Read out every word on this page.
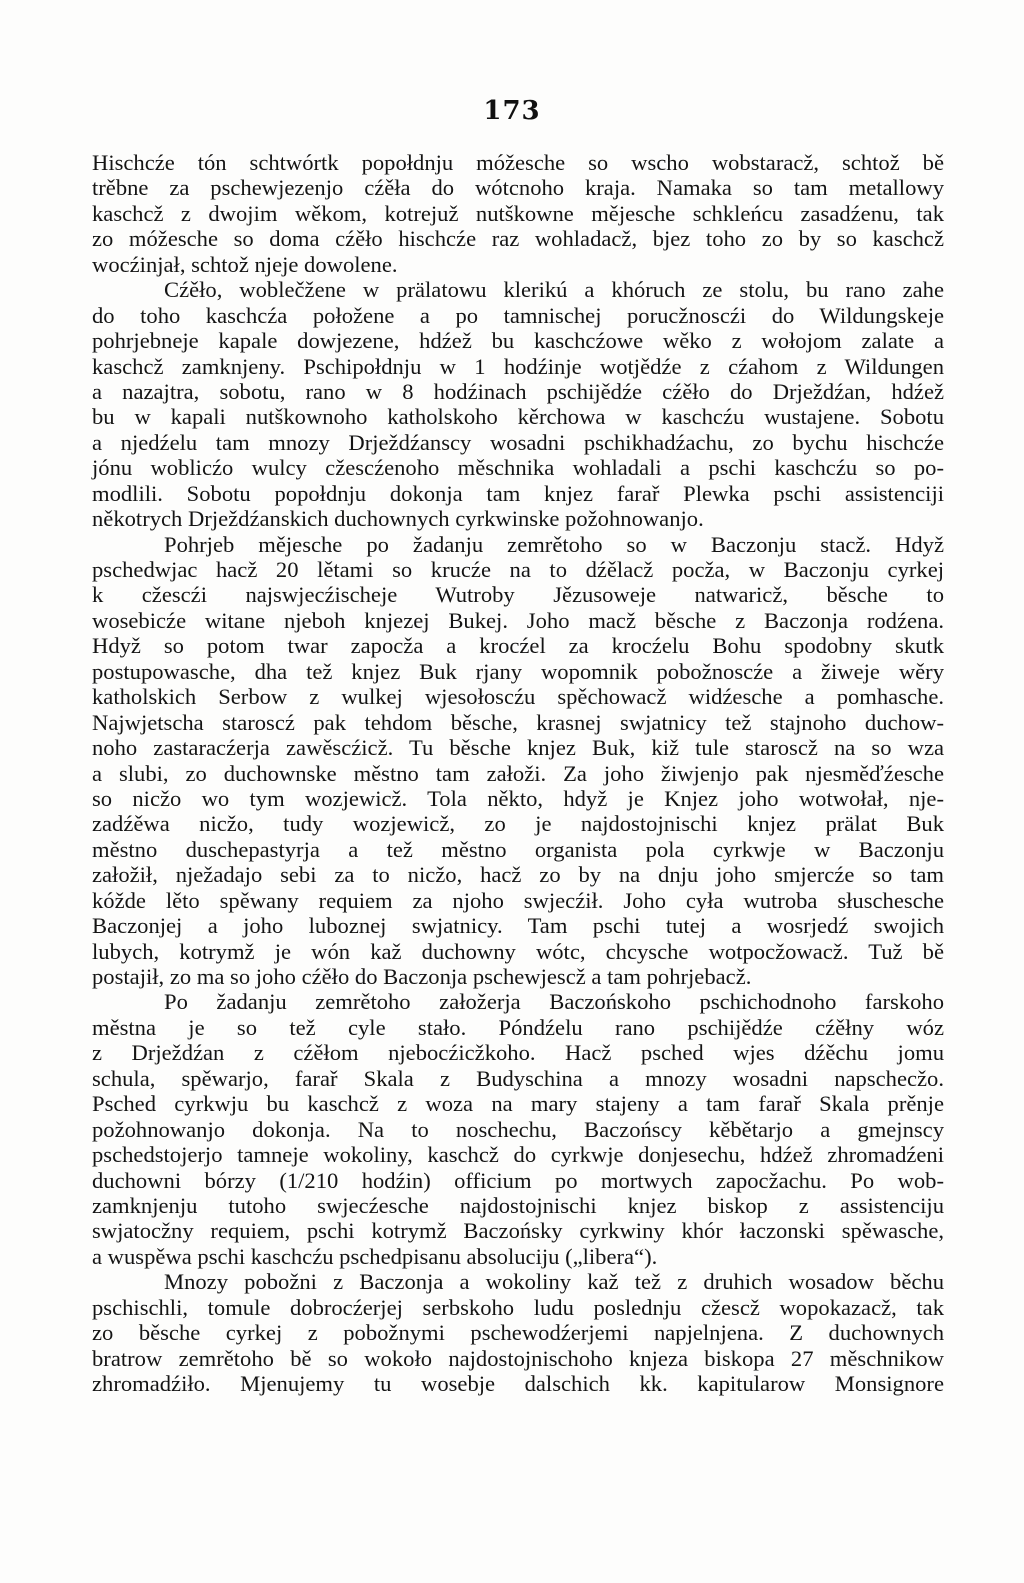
173
Hischcźe tón schtwórtk popołdnju móžesche so wscho wobstaracž, schtož bě
trěbne za pschewjezenjo cźěła do wótcnoho kraja. Namaka so tam metallowy
kaschcž z dwojim wěkom, kotrejuž nutškowne mějesche schkleńcu zasadźenu, tak
zo móžesche so doma cźěło hischcźe raz wohladacž, bjez toho zo by so kaschcž
wocźinjał, schtož njeje dowolene.
Cźěło, woblečžene w prälatowu klerikú a khóruch ze stolu, bu rano zahe
do toho kaschcźa połožene a po tamnischej porucžnoscźi do Wildungskeje
pohrjebneje kapale dowjezene, hdźež bu kaschcźowe wěko z wołojom zalate a
kaschcž zamknjeny. Pschipołdnju w 1 hodźinje wotjědźe z cźahom z Wildungen
a nazajtra, sobotu, rano w 8 hodźinach pschijědźe cźěło do Drježdźan, hdźež
bu w kapali nutškownoho katholskoho kěrchowa w kaschcźu wustajene. Sobotu
a njedźelu tam mnozy Drježdźanscy wosadni pschikhadźachu, zo bychu hischcźe
jónu woblicźo wulcy cžescźenoho měschnika wohladali a pschi kaschcźu so po-
modlili. Sobotu popołdnju dokonja tam knjez farař Plewka pschi assistenciji
někotrych Drježdźanskich duchownych cyrkwinske požohnowanjo.
Pohrjeb mějesche po žadanju zemrětoho so w Baczonju stacž. Hdyž
pschedwjac hacž 20 lětami so krucźe na to dźělacž pocža, w Baczonju cyrkej
k cžescźi najswjecźischeje Wutroby Jězusoweje natwaricž, běsche to
wosebicźe witane njeboh knjezej Bukej. Joho macž běsche z Baczonja rodźena.
Hdyž so potom twar zapocža a krocźel za krocźelu Bohu spodobny skutk
postupowasche, dha tež knjez Buk rjany wopomnik pobožnoscźe a žiweje wěry
katholskich Serbow z wulkej wjesołoscźu spěchowacž widźesche a pomhasche.
Najwjetscha staroscź pak tehdom běsche, krasnej swjatnicy tež stajnoho duchow-
noho zastaracźerja zawěscźicž. Tu běsche knjez Buk, kiž tule staroscž na so wza
a slubi, zo duchownske městno tam załoži. Za joho žiwjenjo pak njesměďźesche
so nicžo wo tym wozjewicž. Tola někto, hdyž je Knjez joho wotwołał, nje-
zadźěwa nicžo, tudy wozjewicž, zo je najdostojnischi knjez prälat Buk
městno duschepastyrja a tež městno organista pola cyrkwje w Baczonju
załožił, nježadajo sebi za to nicžo, hacž zo by na dnju joho smjercźe so tam
kóžde lěto spěwany requiem za njoho swjecźił. Joho cyła wutroba słuschesche
Baczonjej a joho luboznej swjatnicy. Tam pschi tutej a wosrjedź swojich
lubych, kotrymž je wón kaž duchowny wótc, chcysche wotpocžowacž. Tuž bě
postajił, zo ma so joho cźěło do Baczonja pschewjescž a tam pohrjebacž.
Po žadanju zemrětoho załožerja Baczońskoho pschichodnoho farskoho
městna je so tež cyle stało. Póndźelu rano pschijědźe cźěłny wóz
z Drježdźan z cźěłom njebocźicžkoho. Hacž psched wjes dźěchu jomu
schula, spěwarjo, farař Skala z Budyschina a mnozy wosadni napschecžo.
Psched cyrkwju bu kaschcž z woza na mary stajeny a tam farař Skala prěnje
požohnowanjo dokonja. Na to noschechu, Baczońscy kěbětarjo a gmejnscy
pschedstojerjo tamneje wokoliny, kaschcž do cyrkwje donjesechu, hdźež zhromadźeni
duchowni bórzy (1/210 hodźin) officium po mortwych zapocžachu. Po wob-
zamknjenju tutoho swjecźesche najdostojnischi knjez biskop z assistenciju
swjatocžny requiem, pschi kotrymž Baczońsky cyrkwiny khór łaczonski spěwasche,
a wuspěwa pschi kaschcźu pschedpisanu absoluciju („libera“).
Mnozy pobožni z Baczonja a wokoliny kaž tež z druhich wosadow běchu
pschischli, tomule dobrocźerjej serbskoho ludu poslednju cžescž wopokazacž, tak
zo běsche cyrkej z pobožnymi pschewodźerjemi napjelnjena. Z duchownych
bratrow zemrětoho bě so wokoło najdostojnischoho knjeza biskopa 27 měschnikow
zhromadźiło. Mjenujemy tu wosebje dalschich kk. kapitularow Monsignore
